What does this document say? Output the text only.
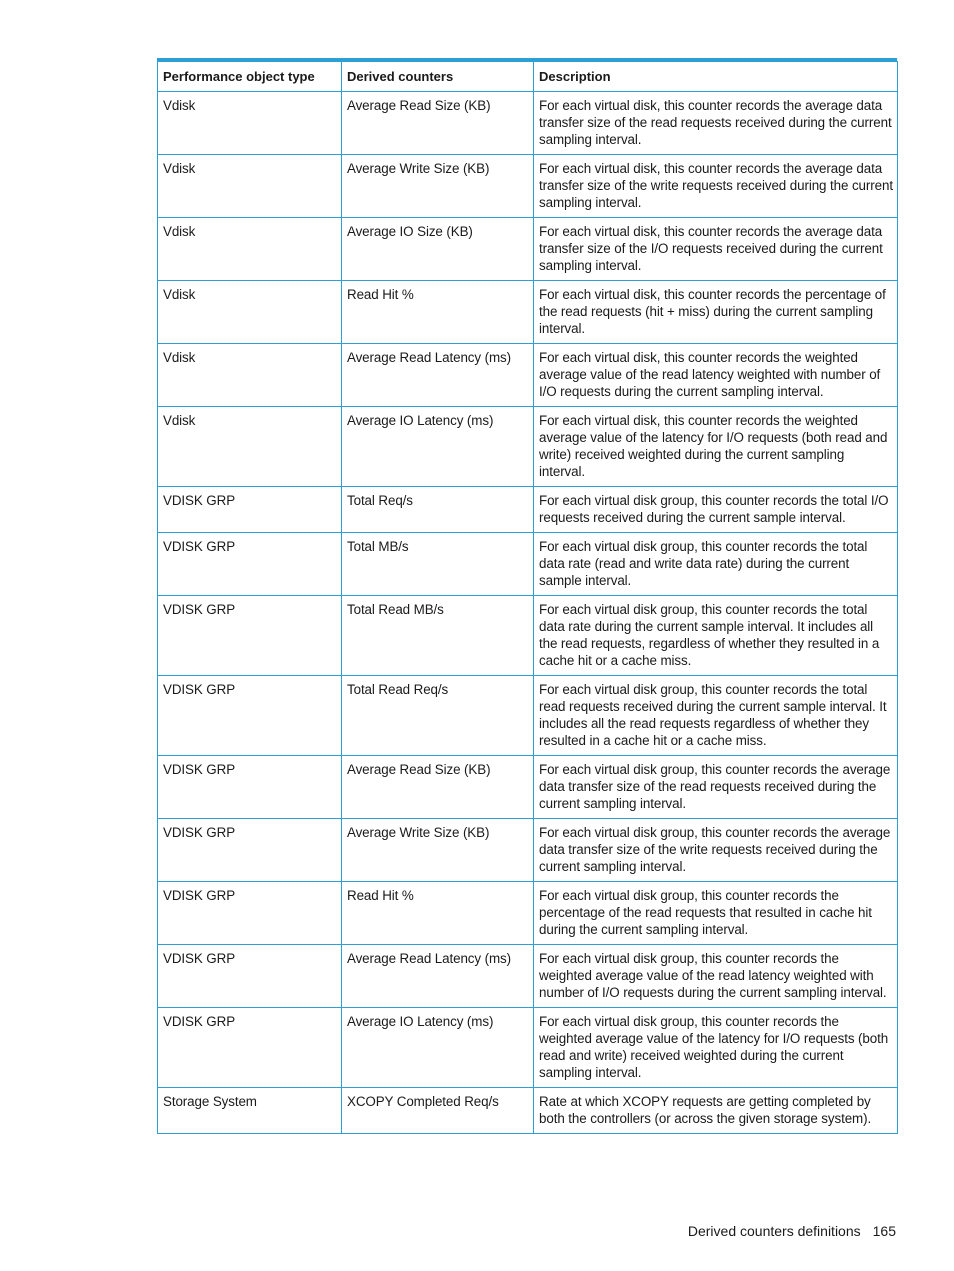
Performance object type	Derived counters	Description
Vdisk	Average Read Size (KB)	For each virtual disk, this counter records the average data transfer size of the read requests received during the current sampling interval.
Vdisk	Average Write Size (KB)	For each virtual disk, this counter records the average data transfer size of the write requests received during the current sampling interval.
Vdisk	Average IO Size (KB)	For each virtual disk, this counter records the average data transfer size of the I/O requests received during the current sampling interval.
Vdisk	Read Hit %	For each virtual disk, this counter records the percentage of the read requests (hit + miss) during the current sampling interval.
Vdisk	Average Read Latency (ms)	For each virtual disk, this counter records the weighted average value of the read latency weighted with number of I/O requests during the current sampling interval.
Vdisk	Average IO Latency (ms)	For each virtual disk, this counter records the weighted average value of the latency for I/O requests (both read and write) received weighted during the current sampling interval.
VDISK GRP	Total Req/s	For each virtual disk group, this counter records the total I/O requests received during the current sample interval.
VDISK GRP	Total MB/s	For each virtual disk group, this counter records the total data rate (read and write data rate) during the current sample interval.
VDISK GRP	Total Read MB/s	For each virtual disk group, this counter records the total data rate during the current sample interval. It includes all the read requests, regardless of whether they resulted in a cache hit or a cache miss.
VDISK GRP	Total Read Req/s	For each virtual disk group, this counter records the total read requests received during the current sample interval. It includes all the read requests regardless of whether they resulted in a cache hit or a cache miss.
VDISK GRP	Average Read Size (KB)	For each virtual disk group, this counter records the average data transfer size of the read requests received during the current sampling interval.
VDISK GRP	Average Write Size (KB)	For each virtual disk group, this counter records the average data transfer size of the write requests received during the current sampling interval.
VDISK GRP	Read Hit %	For each virtual disk group, this counter records the percentage of the read requests that resulted in cache hit during the current sampling interval.
VDISK GRP	Average Read Latency (ms)	For each virtual disk group, this counter records the weighted average value of the read latency weighted with number of I/O requests during the current sampling interval.
VDISK GRP	Average IO Latency (ms)	For each virtual disk group, this counter records the weighted average value of the latency for I/O requests (both read and write) received weighted during the current sampling interval.
Storage System	XCOPY Completed Req/s	Rate at which XCOPY requests are getting completed by both the controllers (or across the given storage system).
Derived counters definitions 165
